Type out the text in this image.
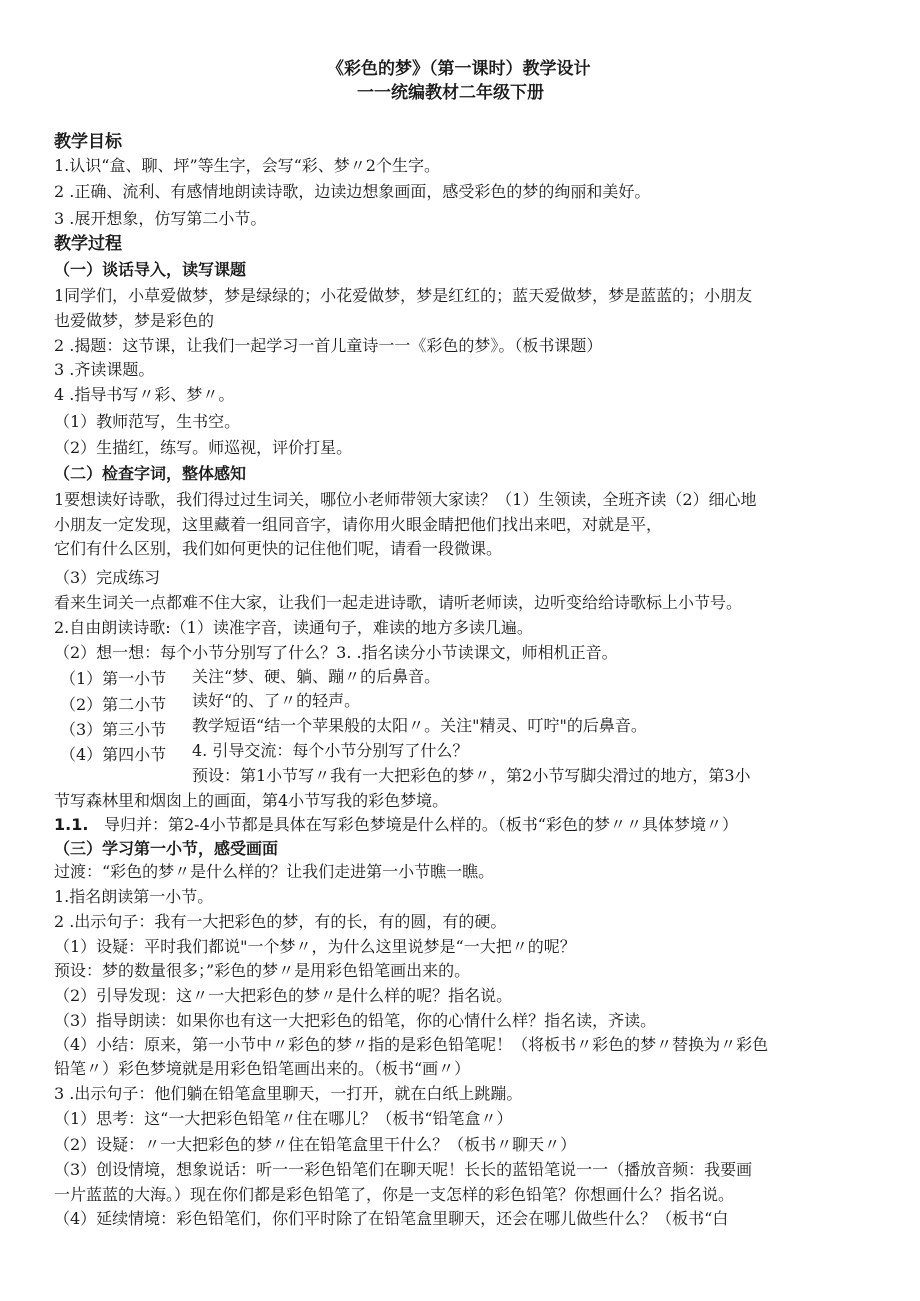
《彩色的梦》（第一课时）教学设计
一一统编教材二年级下册
教学目标
1.认识“盒、聊、坪”等生字，会写“彩、梦〃2个生字。
2 .正确、流利、有感情地朗读诗歌，边读边想象画面，感受彩色的梦的绚丽和美好。
3 .展开想象，仿写第二小节。
教学过程
（一）谈话导入，读写课题
1同学们，小草爱做梦，梦是绿绿的；小花爱做梦，梦是红红的；蓝天爱做梦，梦是蓝蓝的；小朋友
也爱做梦，梦是彩色的
2 .揭题：这节课，让我们一起学习一首儿童诗一一《彩色的梦》。（板书课题）
3 .齐读课题。
4 .指导书写〃彩、梦〃。
（1）教师范写，生书空。
（2）生描红，练写。师巡视，评价打星。
（二）检查字词，整体感知
1要想读好诗歌，我们得过过生词关，哪位小老师带领大家读？（1）生领读，全班齐读（2）细心地
小朋友一定发现，这里藏着一组同音字，请你用火眼金睛把他们找出来吧，对就是平，
它们有什么区别，我们如何更快的记住他们呢，请看一段微课。
（3）完成练习
看来生词关一点都难不住大家，让我们一起走进诗歌，请听老师读，边听变给给诗歌标上小节号。
2.自由朗读诗歌:（1）读准字音，读通句子，难读的地方多读几遍。
（2）想一想：每个小节分别写了什么？3. .指名读分小节读课文，师相机正音。
（1）第一小节 关注“梦、硬、躺、蹦〃的后鼻音。
（2）第二小节 读好“的、了〃的轻声。
（3）第三小节 教学短语“结一个苹果般的太阳〃。关注"精灵、叮咛"的后鼻音。
（4）第四小节 4. 引导交流：每个小节分别写了什么？
预设：第1小节写〃我有一大把彩色的梦〃，第2小节写脚尖滑过的地方，第3小
节写森林里和烟囱上的画面，第4小节写我的彩色梦境。
1.1. 导归并：第2-4小节都是具体在写彩色梦境是什么样的。（板书“彩色的梦〃〃具体梦境〃）
（三）学习第一小节，感受画面
过渡：“彩色的梦〃是什么样的？让我们走进第一小节瞧一瞧。
1.指名朗读第一小节。
2 .出示句子：我有一大把彩色的梦，有的长，有的圆，有的硬。
（1）设疑：平时我们都说"一个梦〃，为什么这里说梦是“一大把〃的呢？
预设：梦的数量很多；”彩色的梦〃是用彩色铅笔画出来的。
（2）引导发现：这〃一大把彩色的梦〃是什么样的呢？指名说。
（3）指导朗读：如果你也有这一大把彩色的铅笔，你的心情什么样？指名读，齐读。
（4）小结：原来，第一小节中〃彩色的梦〃指的是彩色铅笔呢！（将板书〃彩色的梦〃替换为〃彩色
铅笔〃）彩色梦境就是用彩色铅笔画出来的。（板书“画〃）
3 .出示句子：他们躺在铅笔盒里聊天，一打开，就在白纸上跳蹦。
（1）思考：这“一大把彩色铅笔〃住在哪儿？（板书“铅笔盒〃）
（2）设疑：〃一大把彩色的梦〃住在铅笔盒里干什么？（板书〃聊天〃）
（3）创设情境，想象说话：听一一彩色铅笔们在聊天呢！长长的蓝铅笔说一一（播放音频：我要画
一片蓝蓝的大海。）现在你们都是彩色铅笔了，你是一支怎样的彩色铅笔？你想画什么？指名说。
（4）延续情境：彩色铅笔们，你们平时除了在铅笔盒里聊天，还会在哪儿做些什么？（板书“白
